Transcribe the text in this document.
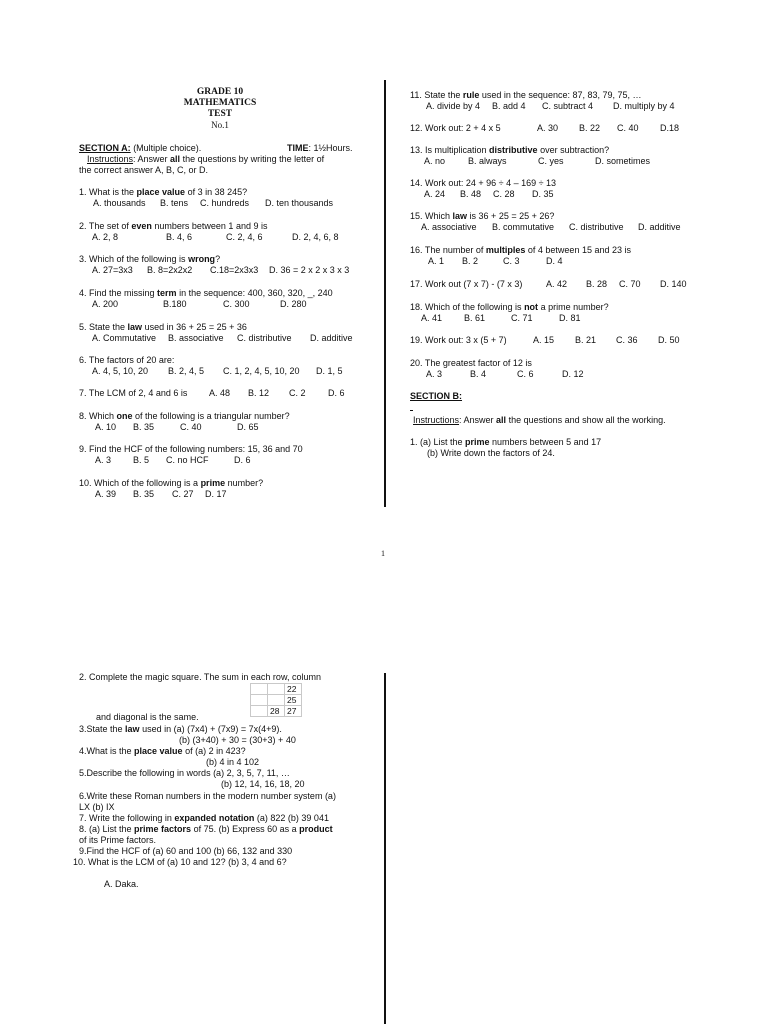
GRADE 10
MATHEMATICS
TEST
No.1
SECTION A: (Multiple choice).	TIME: 1½Hours.
Instructions: Answer all the questions by writing the letter of
the correct answer A, B, C, or D.
1. What is the place value of 3 in 38 245?
A. thousands B. tens C. hundreds D. ten thousands
2. The set of even numbers between 1 and 9 is
A. 2, 8	B. 4, 6	C. 2, 4, 6	D. 2, 4, 6, 8
3. Which of the following is wrong?
A. 27=3x3 B. 8=2x2x2 C.18=2x3x3 D. 36 = 2 x 2 x 3 x 3
4. Find the missing term in the sequence: 400, 360, 320, _, 240
A. 200	B.180	C. 300	D. 280
5. State the law used in 36 + 25 = 25 + 36
A. Commutative B. associative C. distributive D. additive
6. The factors of 20 are:
A. 4, 5, 10, 20 B. 2, 4, 5 C. 1, 2, 4, 5, 10, 20 D. 1, 5
7. The LCM of 2, 4 and 6 is A. 48 B. 12 C. 2 D. 6
8. Which one of the following is a triangular number?
A. 10 B. 35	C. 40	D. 65
9. Find the HCF of the following numbers: 15, 36 and 70
A. 3 B. 5 C. no HCF	D. 6
10. Which of the following is a prime number?
A. 39 B. 35 C. 27 D. 17
11. State the rule used in the sequence: 87, 83, 79, 75, …
A. divide by 4 B. add 4 C. subtract 4 D. multiply by 4
12. Work out: 2 + 4 x 5	A. 30 B. 22 C. 40 D.18
13. Is multiplication distributive over subtraction?
A. no	B. always	C. yes	D. sometimes
14. Work out: 24 + 96 ÷ 4 – 169 ÷ 13
A. 24 B. 48 C. 28 D. 35
15. Which law is 36 + 25 = 25 + 26?
A. associative B. commutative C. distributive D. additive
16. The number of multiples of 4 between 15 and 23 is
A. 1 B. 2	C. 3	D. 4
17. Work out (7 x 7) - (7 x 3)	A. 42 B. 28 C. 70 D. 140
18. Which of the following is not a prime number?
A. 41 B. 61	C. 71	D. 81
19. Work out: 3 x (5 + 7)	A. 15 B. 21 C. 36 D. 50
20. The greatest factor of 12 is
A. 3	B. 4	C. 6	D. 12
SECTION B:
Instructions: Answer all the questions and show all the working.
1. (a) List the prime numbers between 5 and 17
(b) Write down the factors of 24.
1
2. Complete the magic square. The sum in each row, column
		22
		25
	28	27
and diagonal is the same.
3.State the law used in (a) (7x4) + (7x9) = 7x(4+9).
(b) (3+40) + 30 = (30+3) + 40
4.What is the place value of (a) 2 in 423?
(b) 4 in 4 102
5.Describe the following in words (a) 2, 3, 5, 7, 11, …
(b) 12, 14, 16, 18, 20
6.Write these Roman numbers in the modern number system (a)
LX (b) IX
7. Write the following in expanded notation (a) 822 (b) 39 041
8. (a) List the prime factors of 75. (b) Express 60 as a product
of its Prime factors.
9.Find the HCF of (a) 60 and 100 (b) 66, 132 and 330
10. What is the LCM of (a) 10 and 12? (b) 3, 4 and 6?
A. Daka.
